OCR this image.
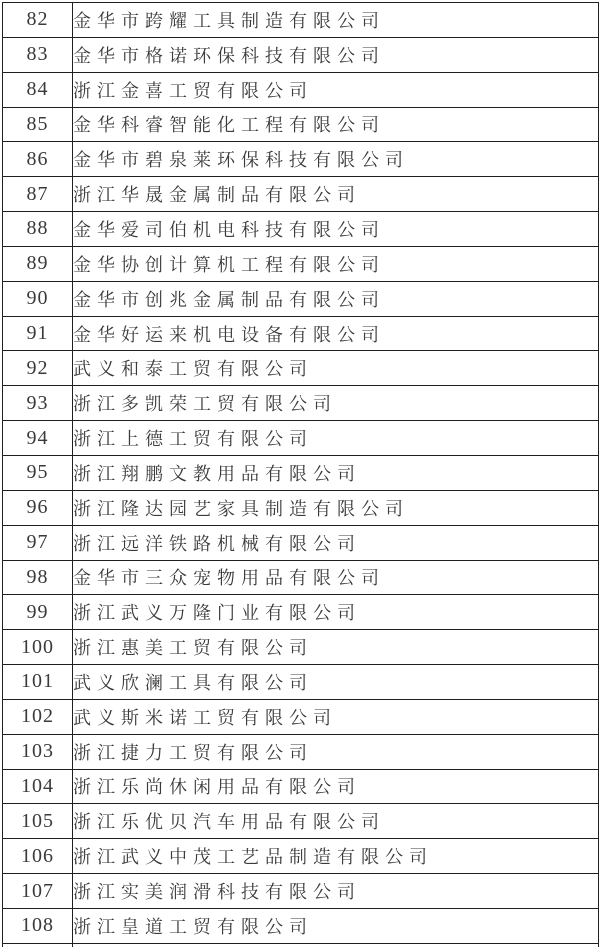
82	金华市跨耀工具制造有限公司
83	金华市格诺环保科技有限公司
84	浙江金喜工贸有限公司
85	金华科睿智能化工程有限公司
86	金华市碧泉莱环保科技有限公司
87	浙江华晟金属制品有限公司
88	金华爱司伯机电科技有限公司
89	金华协创计算机工程有限公司
90	金华市创兆金属制品有限公司
91	金华好运来机电设备有限公司
92	武义和泰工贸有限公司
93	浙江多凯荣工贸有限公司
94	浙江上德工贸有限公司
95	浙江翔鹏文教用品有限公司
96	浙江隆达园艺家具制造有限公司
97	浙江远洋铁路机械有限公司
98	金华市三众宠物用品有限公司
99	浙江武义万隆门业有限公司
100	浙江惠美工贸有限公司
101	武义欣澜工具有限公司
102	武义斯米诺工贸有限公司
103	浙江捷力工贸有限公司
104	浙江乐尚休闲用品有限公司
105	浙江乐优贝汽车用品有限公司
106	浙江武义中茂工艺品制造有限公司
107	浙江实美润滑科技有限公司
108	浙江皇道工贸有限公司
